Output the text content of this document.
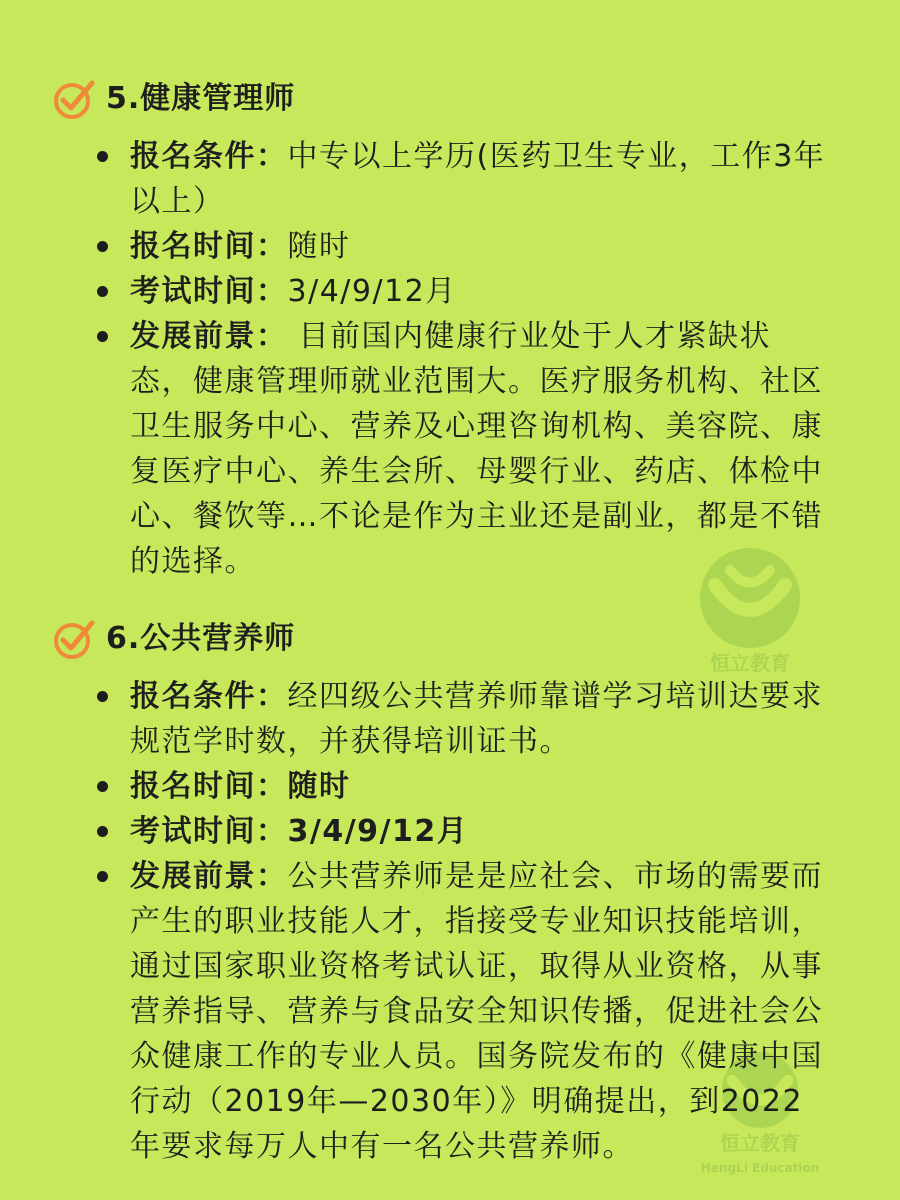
恒立教育
恒立教育
HengLi Education
5.健康管理师
报名条件：中专以上学历(医药卫生专业，工作3年以上）
报名时间：随时
考试时间：3/4/9/12月
发展前景： 目前国内健康行业处于人才紧缺状态，健康管理师就业范围大。医疗服务机构、社区卫生服务中心、营养及心理咨询机构、美容院、康复医疗中心、养生会所、母婴行业、药店、体检中心、餐饮等…不论是作为主业还是副业，都是不错的选择。
6.公共营养师
报名条件：经四级公共营养师靠谱学习培训达要求规范学时数，并获得培训证书。
报名时间：随时
考试时间：3/4/9/12月
发展前景：公共营养师是是应社会、市场的需要而产生的职业技能人才，指接受专业知识技能培训，通过国家职业资格考试认证，取得从业资格，从事营养指导、营养与食品安全知识传播，促进社会公众健康工作的专业人员。国务院发布的《健康中国行动（2019年—2030年）》明确提出，到2022年要求每万人中有一名公共营养师。
